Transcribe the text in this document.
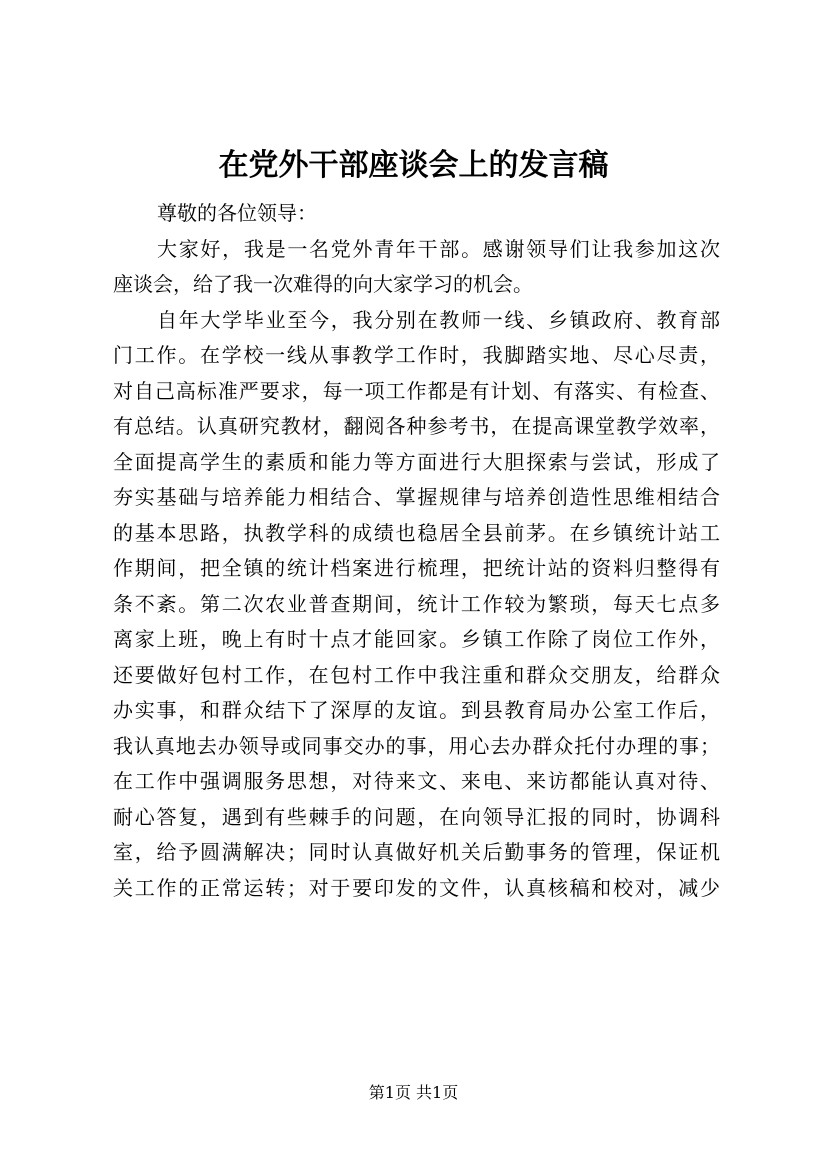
在党外干部座谈会上的发言稿
尊敬的各位领导：
大家好，我是一名党外青年干部。感谢领导们让我参加这次
座谈会，给了我一次难得的向大家学习的机会。
自年大学毕业至今，我分别在教师一线、乡镇政府、教育部
门工作。在学校一线从事教学工作时，我脚踏实地、尽心尽责，
对自己高标准严要求，每一项工作都是有计划、有落实、有检查、
有总结。认真研究教材，翻阅各种参考书，在提高课堂教学效率，
全面提高学生的素质和能力等方面进行大胆探索与尝试，形成了
夯实基础与培养能力相结合、掌握规律与培养创造性思维相结合
的基本思路，执教学科的成绩也稳居全县前茅。在乡镇统计站工
作期间，把全镇的统计档案进行梳理，把统计站的资料归整得有
条不紊。第二次农业普查期间，统计工作较为繁琐，每天七点多
离家上班，晚上有时十点才能回家。乡镇工作除了岗位工作外，
还要做好包村工作，在包村工作中我注重和群众交朋友，给群众
办实事，和群众结下了深厚的友谊。到县教育局办公室工作后，
我认真地去办领导或同事交办的事，用心去办群众托付办理的事；
在工作中强调服务思想，对待来文、来电、来访都能认真对待、
耐心答复，遇到有些棘手的问题，在向领导汇报的同时，协调科
室，给予圆满解决；同时认真做好机关后勤事务的管理，保证机
关工作的正常运转；对于要印发的文件，认真核稿和校对，减少
第1页 共1页
